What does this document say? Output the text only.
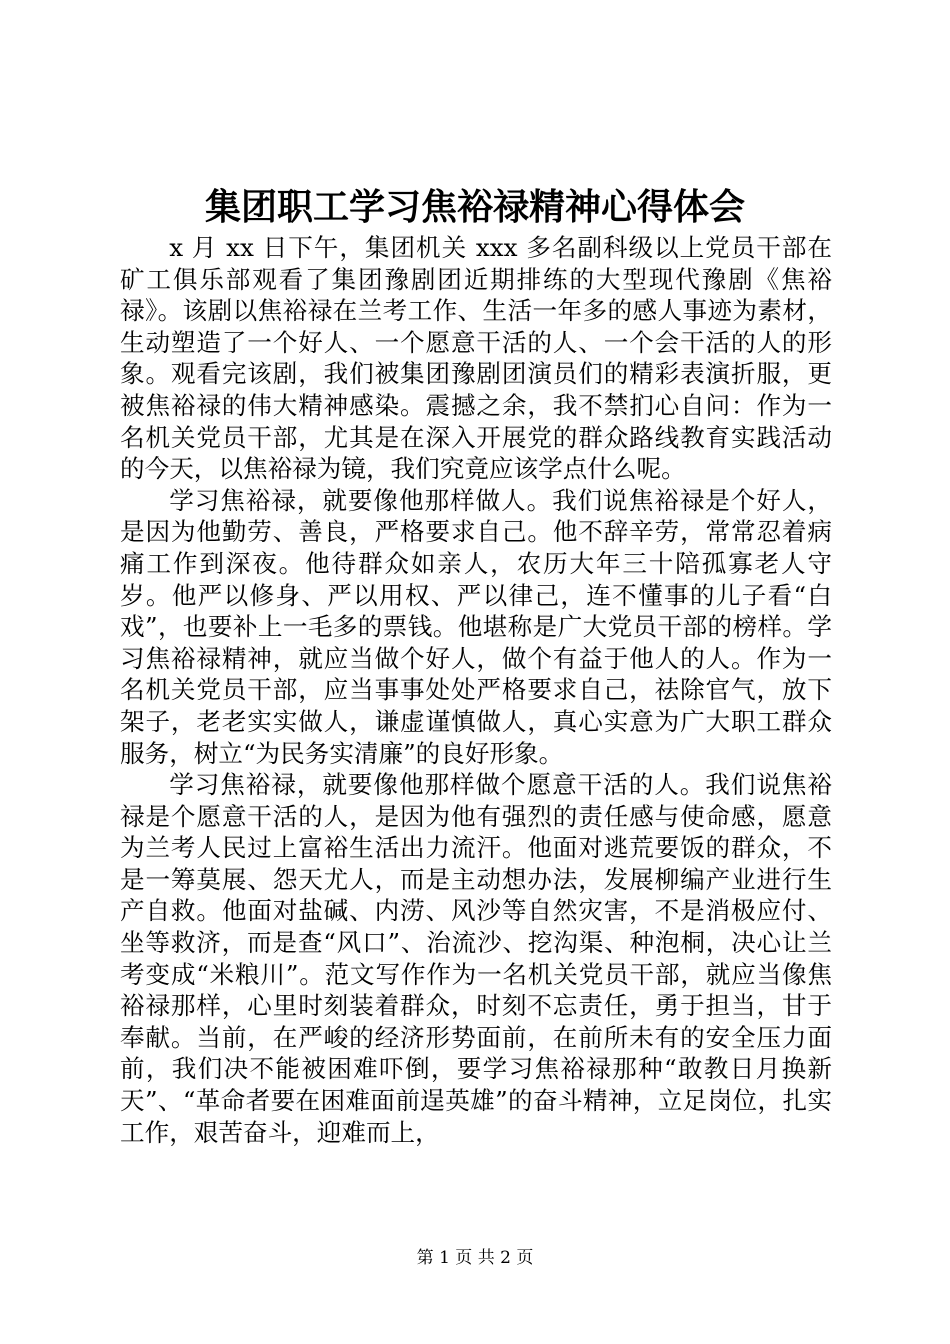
集团职工学习焦裕禄精神心得体会

x 月 xx 日下午，集团机关 xxx 多名副科级以上党员干部在矿工俱乐部观看了集团豫剧团近期排练的大型现代豫剧《焦裕禄》。该剧以焦裕禄在兰考工作、生活一年多的感人事迹为素材，生动塑造了一个好人、一个愿意干活的人、一个会干活的人的形象。观看完该剧，我们被集团豫剧团演员们的精彩表演折服，更被焦裕禄的伟大精神感染。震撼之余，我不禁扪心自问：作为一名机关党员干部，尤其是在深入开展党的群众路线教育实践活动的今天，以焦裕禄为镜，我们究竟应该学点什么呢。

学习焦裕禄，就要像他那样做人。我们说焦裕禄是个好人，是因为他勤劳、善良，严格要求自己。他不辞辛劳，常常忍着病痛工作到深夜。他待群众如亲人，农历大年三十陪孤寡老人守岁。他严以修身、严以用权、严以律己，连不懂事的儿子看“白戏”，也要补上一毛多的票钱。他堪称是广大党员干部的榜样。学习焦裕禄精神，就应当做个好人，做个有益于他人的人。作为一名机关党员干部，应当事事处处严格要求自己，祛除官气，放下架子，老老实实做人，谦虚谨慎做人，真心实意为广大职工群众服务，树立“为民务实清廉”的良好形象。

学习焦裕禄，就要像他那样做个愿意干活的人。我们说焦裕禄是个愿意干活的人，是因为他有强烈的责任感与使命感，愿意为兰考人民过上富裕生活出力流汗。他面对逃荒要饭的群众，不是一筹莫展、怨天尤人，而是主动想办法，发展柳编产业进行生产自救。他面对盐碱、内涝、风沙等自然灾害，不是消极应付、坐等救济，而是查“风口”、治流沙、挖沟渠、种泡桐，决心让兰考变成“米粮川”。范文写作作为一名机关党员干部，就应当像焦裕禄那样，心里时刻装着群众，时刻不忘责任，勇于担当，甘于奉献。当前，在严峻的经济形势面前，在前所未有的安全压力面前，我们决不能被困难吓倒，要学习焦裕禄那种“敢教日月换新天”、“革命者要在困难面前逞英雄”的奋斗精神，立足岗位，扎实工作，艰苦奋斗，迎难而上，

第 1 页 共 2 页
